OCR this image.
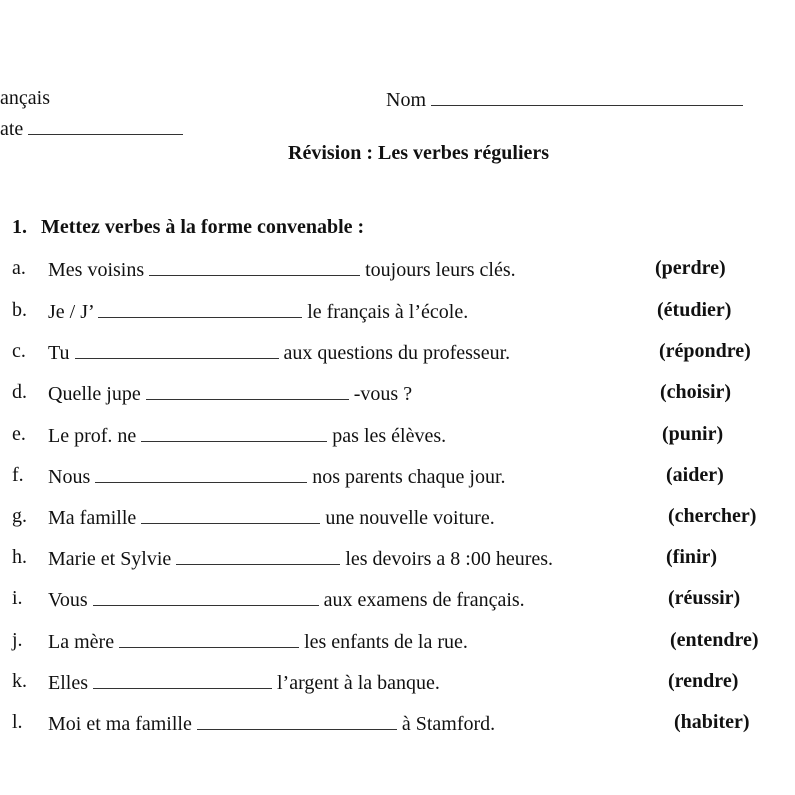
ançais
ate
Nom
Révision : Les verbes réguliers
1. Mettez verbes à la forme convenable :
a. Mes voisins	toujours leurs clés.	(perdre)
b. Je / J’	le français à l’école.	(étudier)
c. Tu	aux questions du professeur.	(répondre)
d. Quelle jupe	-vous ?	(choisir)
e. Le prof. ne	pas les élèves.	(punir)
f. Nous	nos parents chaque jour.	(aider)
g. Ma famille	une nouvelle voiture.	(chercher)
h. Marie et Sylvie	les devoirs a 8 :00 heures.	(finir)
i. Vous	aux examens de français.	(réussir)
j. La mère	les enfants de la rue.	(entendre)
k. Elles	l’argent à la banque.	(rendre)
l. Moi et ma famille	à Stamford.	(habiter)
